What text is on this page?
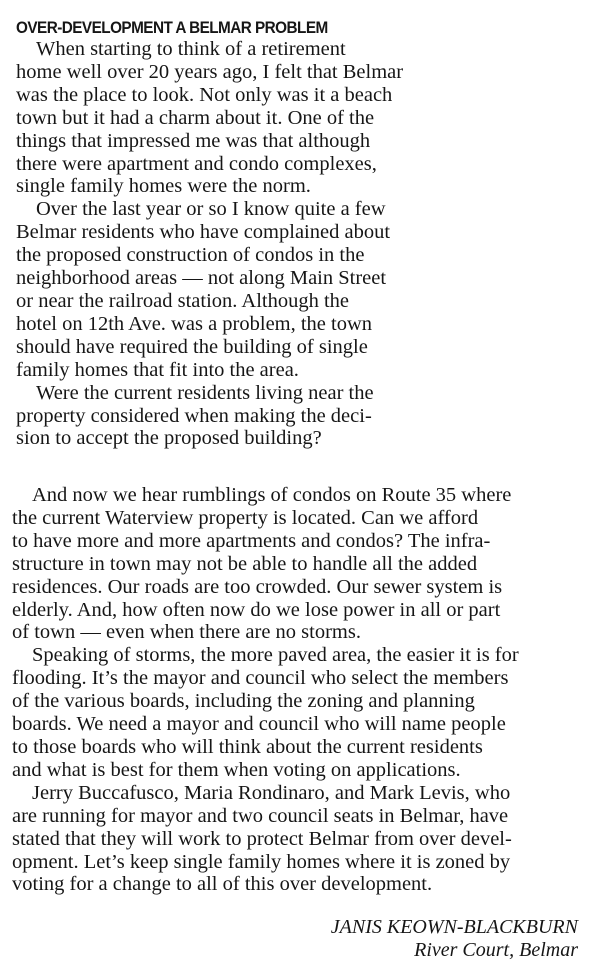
OVER-DEVELOPMENT A BELMAR PROBLEM
When starting to think of a retirement
home well over 20 years ago, I felt that Belmar
was the place to look. Not only was it a beach
town but it had a charm about it. One of the
things that impressed me was that although
there were apartment and condo complexes,
single family homes were the norm.
Over the last year or so I know quite a few
Belmar residents who have complained about
the proposed construction of condos in the
neighborhood areas — not along Main Street
or near the railroad station. Although the
hotel on 12th Ave. was a problem, the town
should have required the building of single
family homes that fit into the area.
Were the current residents living near the
property considered when making the deci-
sion to accept the proposed building?
And now we hear rumblings of condos on Route 35 where
the current Waterview property is located. Can we afford
to have more and more apartments and condos? The infra-
structure in town may not be able to handle all the added
residences. Our roads are too crowded. Our sewer system is
elderly. And, how often now do we lose power in all or part
of town — even when there are no storms.
Speaking of storms, the more paved area, the easier it is for
flooding. It’s the mayor and council who select the members
of the various boards, including the zoning and planning
boards. We need a mayor and council who will name people
to those boards who will think about the current residents
and what is best for them when voting on applications.
Jerry Buccafusco, Maria Rondinaro, and Mark Levis, who
are running for mayor and two council seats in Belmar, have
stated that they will work to protect Belmar from over devel-
opment. Let’s keep single family homes where it is zoned by
voting for a change to all of this over development.
JANIS KEOWN-BLACKBURN
River Court, Belmar
